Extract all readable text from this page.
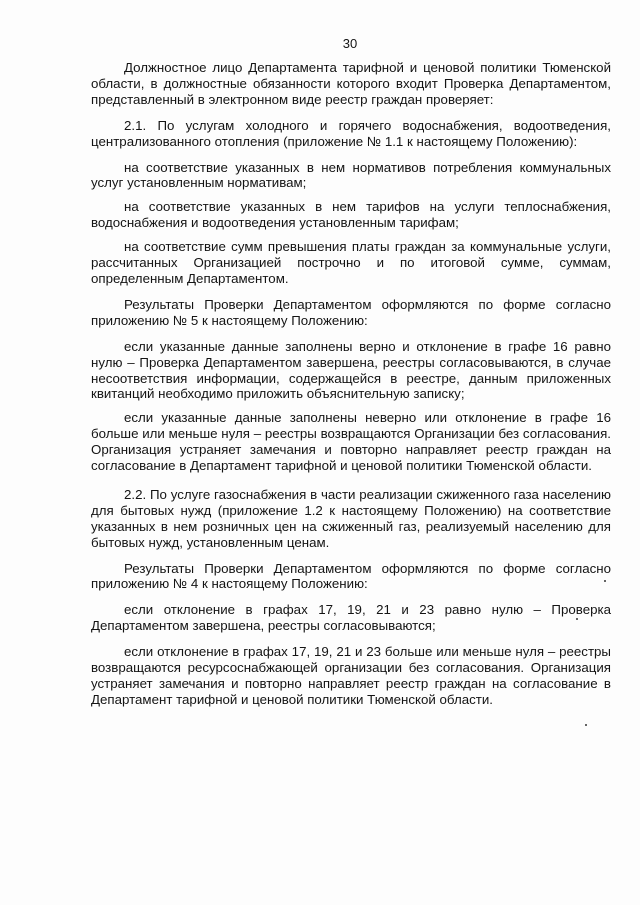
30

Должностное лицо Департамента тарифной и ценовой политики Тюменской области, в должностные обязанности которого входит Проверка Департаментом, представленный в электронном виде реестр граждан проверяет:

2.1. По услугам холодного и горячего водоснабжения, водоотведения, централизованного отопления (приложение № 1.1 к настоящему Положению):

на соответствие указанных в нем нормативов потребления коммунальных услуг установленным нормативам;

на соответствие указанных в нем тарифов на услуги теплоснабжения, водоснабжения и водоотведения установленным тарифам;

на соответствие сумм превышения платы граждан за коммунальные услуги, рассчитанных Организацией построчно и по итоговой сумме, суммам, определенным Департаментом.

Результаты Проверки Департаментом оформляются по форме согласно приложению № 5 к настоящему Положению:

если указанные данные заполнены верно и отклонение в графе 16 равно нулю – Проверка Департаментом завершена, реестры согласовываются, в случае несоответствия информации, содержащейся в реестре, данным приложенных квитанций необходимо приложить объяснительную записку;

если указанные данные заполнены неверно или отклонение в графе 16 больше или меньше нуля – реестры возвращаются Организации без согласования. Организация устраняет замечания и повторно направляет реестр граждан на согласование в Департамент тарифной и ценовой политики Тюменской области.

2.2. По услуге газоснабжения в части реализации сжиженного газа населению для бытовых нужд (приложение 1.2 к настоящему Положению) на соответствие указанных в нем розничных цен на сжиженный газ, реализуемый населению для бытовых нужд, установленным ценам.

Результаты Проверки Департаментом оформляются по форме согласно приложению № 4 к настоящему Положению:

если отклонение в графах 17, 19, 21 и 23 равно нулю – Проверка Департаментом завершена, реестры согласовываются;

если отклонение в графах 17, 19, 21 и 23 больше или меньше нуля – реестры возвращаются ресурсоснабжающей организации без согласования. Организация устраняет замечания и повторно направляет реестр граждан на согласование в Департамент тарифной и ценовой политики Тюменской области.
